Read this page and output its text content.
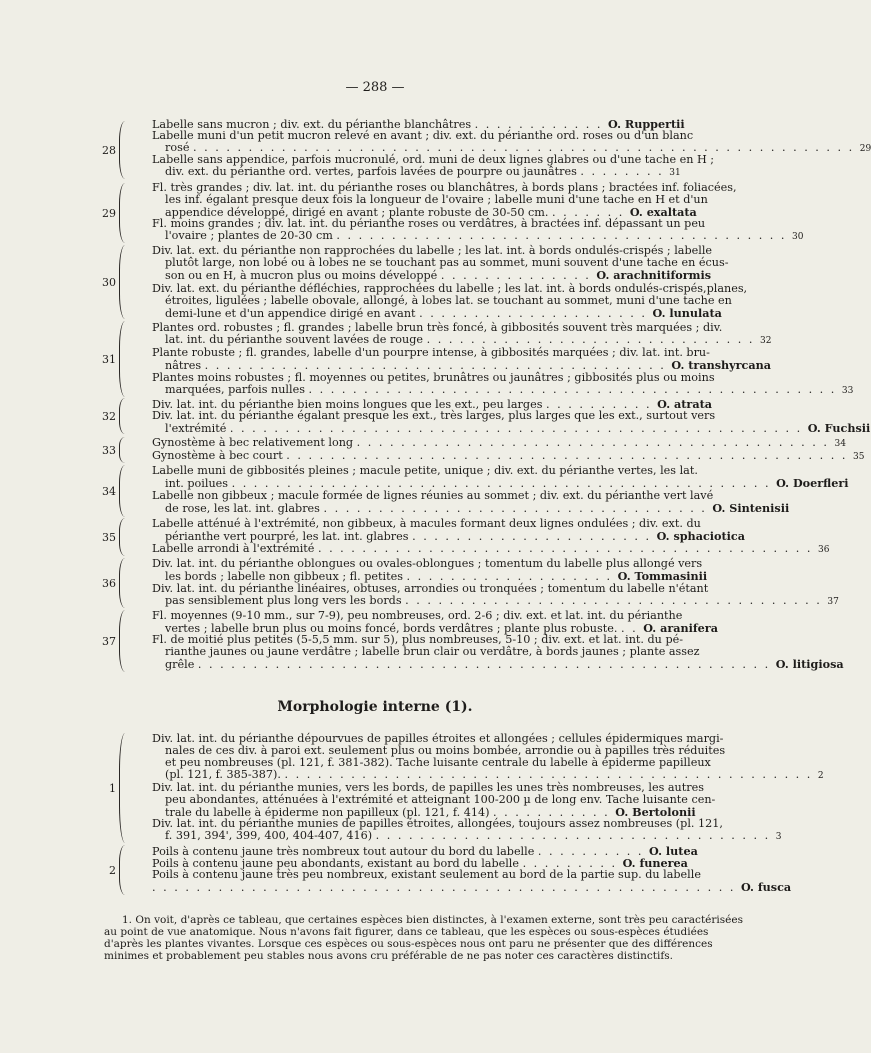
— 288 —
28
29
30
31
32
33
34
35
36
37
1
2
Labelle sans mucron ; div. ext. du périanthe blanchâtres . . . . . . . . . . . . O. Ruppertii
Labelle muni d'un petit mucron relevé en avant ; div. ext. du périanthe ord. roses ou d'un blanc
rosé . . . . . . . . . . . . . . . . . . . . . . . . . . . . . . . . . . . . . . . . . . . . . . . . . . . . . . . . . . . . 29
Labelle sans appendice, parfois mucronulé, ord. muni de deux lignes glabres ou d'une tache en H ;
div. ext. du périanthe ord. vertes, parfois lavées de pourpre ou jaunâtres . . . . . . . . 31
Fl. très grandes ; div. lat. int. du périanthe roses ou blanchâtres, à bords plans ; bractées inf. foliacées,
les inf. égalant presque deux fois la longueur de l'ovaire ; labelle muni d'une tache en H et d'un
appendice développé, dirigé en avant ; plante robuste de 30-50 cm. . . . . . . . O. exaltata
Fl. moins grandes ; div. lat. int. du périanthe roses ou verdâtres, à bractées inf. dépassant un peu
l'ovaire ; plantes de 20-30 cm . . . . . . . . . . . . . . . . . . . . . . . . . . . . . . . . . . . . . . . . . 30
Div. lat. ext. du périanthe non rapprochées du labelle ; les lat. int. à bords ondulés-crispés ; labelle
plutôt large, non lobé ou à lobes ne se touchant pas au sommet, muni souvent d'une tache en écus-
son ou en H, à mucron plus ou moins développé . . . . . . . . . . . . . . O. arachnitiformis
Div. lat. ext. du périanthe défléchies, rapprochées du labelle ; les lat. int. à bords ondulés-crispés,planes,
étroites, ligulées ; labelle obovale, allongé, à lobes lat. se touchant au sommet, muni d'une tache en
demi-lune et d'un appendice dirigé en avant . . . . . . . . . . . . . . . . . . . . . O. lunulata
Plantes ord. robustes ; fl. grandes ; labelle brun très foncé, à gibbosités souvent très marquées ; div.
lat. int. du périanthe souvent lavées de rouge . . . . . . . . . . . . . . . . . . . . . . . . . . . . . . 32
Plante robuste ; fl. grandes, labelle d'un pourpre intense, à gibbosités marquées ; div. lat. int. bru-
nâtres . . . . . . . . . . . . . . . . . . . . . . . . . . . . . . . . . . . . . . . . . . O. transhyrcana
Plantes moins robustes ; fl. moyennes ou petites, brunâtres ou jaunâtres ; gibbosités plus ou moins
marquées, parfois nulles . . . . . . . . . . . . . . . . . . . . . . . . . . . . . . . . . . . . . . . . . . . . . . . . 33
Div. lat. int. du périanthe bien moins longues que les ext., peu larges . . . . . . . . . . O. atrata
Div. lat. int. du périanthe égalant presque les ext., très larges, plus larges que les ext., surtout vers
l'extrémité . . . . . . . . . . . . . . . . . . . . . . . . . . . . . . . . . . . . . . . . . . . . . . . . . . . . O. Fuchsii
Gynostème à bec relativement long . . . . . . . . . . . . . . . . . . . . . . . . . . . . . . . . . . . . . . . . . . . 34
Gynostème à bec court . . . . . . . . . . . . . . . . . . . . . . . . . . . . . . . . . . . . . . . . . . . . . . . . . . . 35
Labelle muni de gibbosités pleines ; macule petite, unique ; div. ext. du périanthe vertes, les lat.
int. poilues . . . . . . . . . . . . . . . . . . . . . . . . . . . . . . . . . . . . . . . . . . . . . . . . . O. Doerfleri
Labelle non gibbeux ; macule formée de lignes réunies au sommet ; div. ext. du périanthe vert lavé
de rose, les lat. int. glabres . . . . . . . . . . . . . . . . . . . . . . . . . . . . . . . . . . . O. Sintenisii
Labelle atténué à l'extrémité, non gibbeux, à macules formant deux lignes ondulées ; div. ext. du
périanthe vert pourpré, les lat. int. glabres . . . . . . . . . . . . . . . . . . . . . . O. sphaciotica
Labelle arrondi à l'extrémité . . . . . . . . . . . . . . . . . . . . . . . . . . . . . . . . . . . . . . . . . . . . . 36
Div. lat. int. du périanthe oblongues ou ovales-oblongues ; tomentum du labelle plus allongé vers
les bords ; labelle non gibbeux ; fl. petites . . . . . . . . . . . . . . . . . . . O. Tommasinii
Div. lat. int. du périanthe linéaires, obtuses, arrondies ou tronquées ; tomentum du labelle n'étant
pas sensiblement plus long vers les bords . . . . . . . . . . . . . . . . . . . . . . . . . . . . . . . . . . . . . . 37
Fl. moyennes (9-10 mm., sur 7-9), peu nombreuses, ord. 2-6 ; div. ext. et lat. int. du périanthe
vertes ; labelle brun plus ou moins foncé, bords verdâtres ; plante plus robuste. . . O. aranifera
Fl. de moitié plus petites (5-5,5 mm. sur 5), plus nombreuses, 5-10 ; div. ext. et lat. int. du pé-
rianthe jaunes ou jaune verdâtre ; labelle brun clair ou verdâtre, à bords jaunes ; plante assez
grêle . . . . . . . . . . . . . . . . . . . . . . . . . . . . . . . . . . . . . . . . . . . . . . . . . . . . O. litigiosa
Div. lat. int. du périanthe dépourvues de papilles étroites et allongées ; cellules épidermiques margi-
nales de ces div. à paroi ext. seulement plus ou moins bombée, arrondie ou à papilles très réduites
et peu nombreuses (pl. 121, f. 381-382). Tache luisante centrale du labelle à épiderme papilleux
(pl. 121, f. 385-387). . . . . . . . . . . . . . . . . . . . . . . . . . . . . . . . . . . . . . . . . . . . . . . . . 2
Div. lat. int. du périanthe munies, vers les bords, de papilles les unes très nombreuses, les autres
peu abondantes, atténuées à l'extrémité et atteignant 100-200 µ de long env. Tache luisante cen-
trale du labelle à épiderme non papilleux (pl. 121, f. 414) . . . . . . . . . . . O. Bertolonii
Div. lat. int. du périanthe munies de papilles étroites, allongées, toujours assez nombreuses (pl. 121,
f. 391, 394', 399, 400, 404-407, 416) . . . . . . . . . . . . . . . . . . . . . . . . . . . . . . . . . . . . 3
Poils à contenu jaune très nombreux tout autour du bord du labelle . . . . . . . . . . O. lutea
Poils à contenu jaune peu abondants, existant au bord du labelle . . . . . . . . . O. funerea
Poils à contenu jaune très peu nombreux, existant seulement au bord de la partie sup. du labelle
. . . . . . . . . . . . . . . . . . . . . . . . . . . . . . . . . . . . . . . . . . . . . . . . . . . . . O. fusca
Morphologie interne (1).
1. On voit, d'après ce tableau, que certaines espèces bien distinctes, à l'examen externe, sont très peu caractérisées
au point de vue anatomique. Nous n'avons fait figurer, dans ce tableau, que les espèces ou sous-espèces étudiées
d'après les plantes vivantes. Lorsque ces espèces ou sous-espèces nous ont paru ne présenter que des différences
minimes et probablement peu stables nous avons cru préférable de ne pas noter ces caractères distinctifs.
